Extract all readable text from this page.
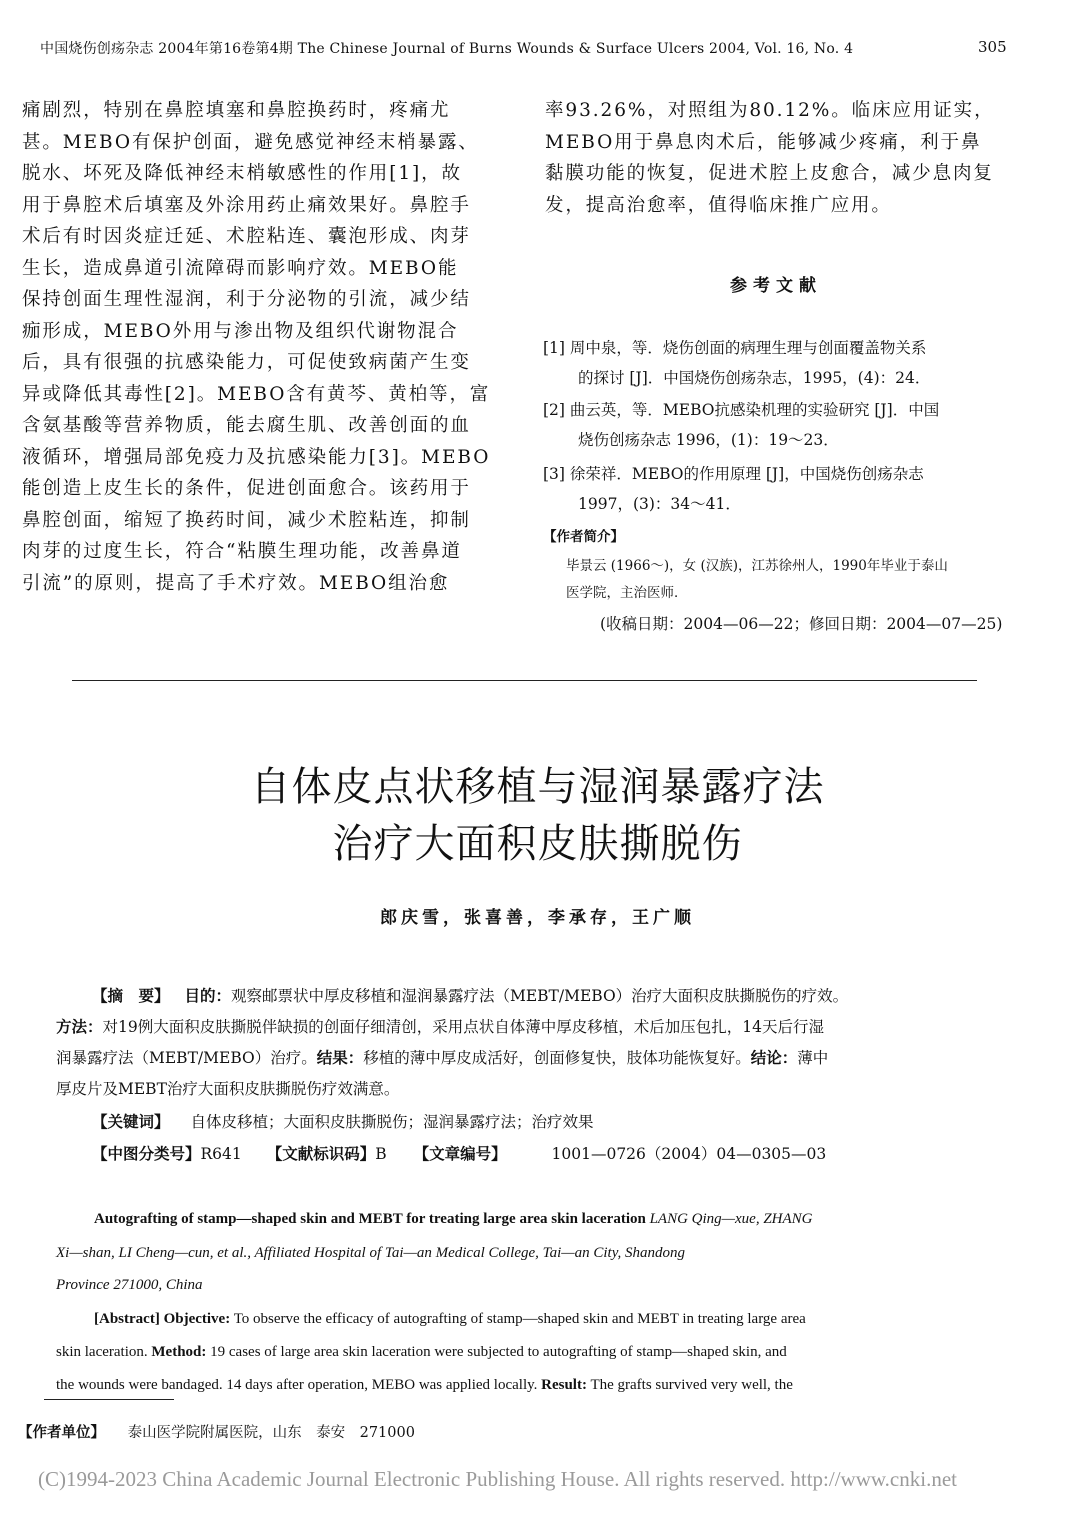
中国烧伤创疡杂志 2004年第16卷第4期 The Chinese Journal of Burns Wounds & Surface Ulcers 2004, Vol. 16, No. 4	305
痛剧烈，特别在鼻腔填塞和鼻腔换药时，疼痛尤
甚。MEBO有保护创面，避免感觉神经末梢暴露、
脱水、坏死及降低神经末梢敏感性的作用[1]，故
用于鼻腔术后填塞及外涂用药止痛效果好。鼻腔手
术后有时因炎症迁延、术腔粘连、囊泡形成、肉芽
生长，造成鼻道引流障碍而影响疗效。MEBO能
保持创面生理性湿润，利于分泌物的引流，减少结
痂形成，MEBO外用与渗出物及组织代谢物混合
后，具有很强的抗感染能力，可促使致病菌产生变
异或降低其毒性[2]。MEBO含有黄芩、黄柏等，富
含氨基酸等营养物质，能去腐生肌、改善创面的血
液循环，增强局部免疫力及抗感染能力[3]。MEBO
能创造上皮生长的条件，促进创面愈合。该药用于
鼻腔创面，缩短了换药时间，减少术腔粘连，抑制
肉芽的过度生长，符合“粘膜生理功能，改善鼻道
引流”的原则，提高了手术疗效。MEBO组治愈
率93.26%，对照组为80.12%。临床应用证实，
MEBO用于鼻息肉术后，能够减少疼痛，利于鼻
黏膜功能的恢复，促进术腔上皮愈合，减少息肉复
发，提高治愈率，值得临床推广应用。
参考文献
[1] 周中泉，等．烧伤创面的病理生理与创面覆盖物关系
的探讨 [J]．中国烧伤创疡杂志，1995，(4)：24．
[2] 曲云英，等．MEBO抗感染机理的实验研究 [J]．中国
烧伤创疡杂志 1996，(1)：19～23．
[3] 徐荣祥．MEBO的作用原理 [J]，中国烧伤创疡杂志
1997，(3)：34～41．
【作者简介】
毕景云 (1966～)，女 (汉族)，江苏徐州人，1990年毕业于泰山
医学院，主治医师．
(收稿日期：2004—06—22；修回日期：2004—07—25)
自体皮点状移植与湿润暴露疗法
治疗大面积皮肤撕脱伤
郎庆雪，张喜善，李承存，王广顺
【摘　要】 目的：观察邮票状中厚皮移植和湿润暴露疗法（MEBT/MEBO）治疗大面积皮肤撕脱伤的疗效。
方法：对19例大面积皮肤撕脱伴缺损的创面仔细清创，采用点状自体薄中厚皮移植，术后加压包扎，14天后行湿
润暴露疗法（MEBT/MEBO）治疗。结果：移植的薄中厚皮成活好，创面修复快，肢体功能恢复好。结论：薄中
厚皮片及MEBT治疗大面积皮肤撕脱伤疗效满意。
【关键词】 自体皮移植；大面积皮肤撕脱伤；湿润暴露疗法；治疗效果
【中图分类号】R641 【文献标识码】B 【文章编号】	1001—0726（2004）04—0305—03
Autografting of stamp—shaped skin and MEBT for treating large area skin laceration LANG Qing—xue, ZHANG
Xi—shan, LI Cheng—cun, et al., Affiliated Hospital of Tai—an Medical College, Tai—an City, Shandong
Province 271000, China
[Abstract] Objective: To observe the efficacy of autografting of stamp—shaped skin and MEBT in treating large area
skin laceration. Method: 19 cases of large area skin laceration were subjected to autografting of stamp—shaped skin, and
the wounds were bandaged. 14 days after operation, MEBO was applied locally. Result: The grafts survived very well, the
【作者单位】 泰山医学院附属医院，山东　泰安　271000
(C)1994-2023 China Academic Journal Electronic Publishing House. All rights reserved. http://www.cnki.net
